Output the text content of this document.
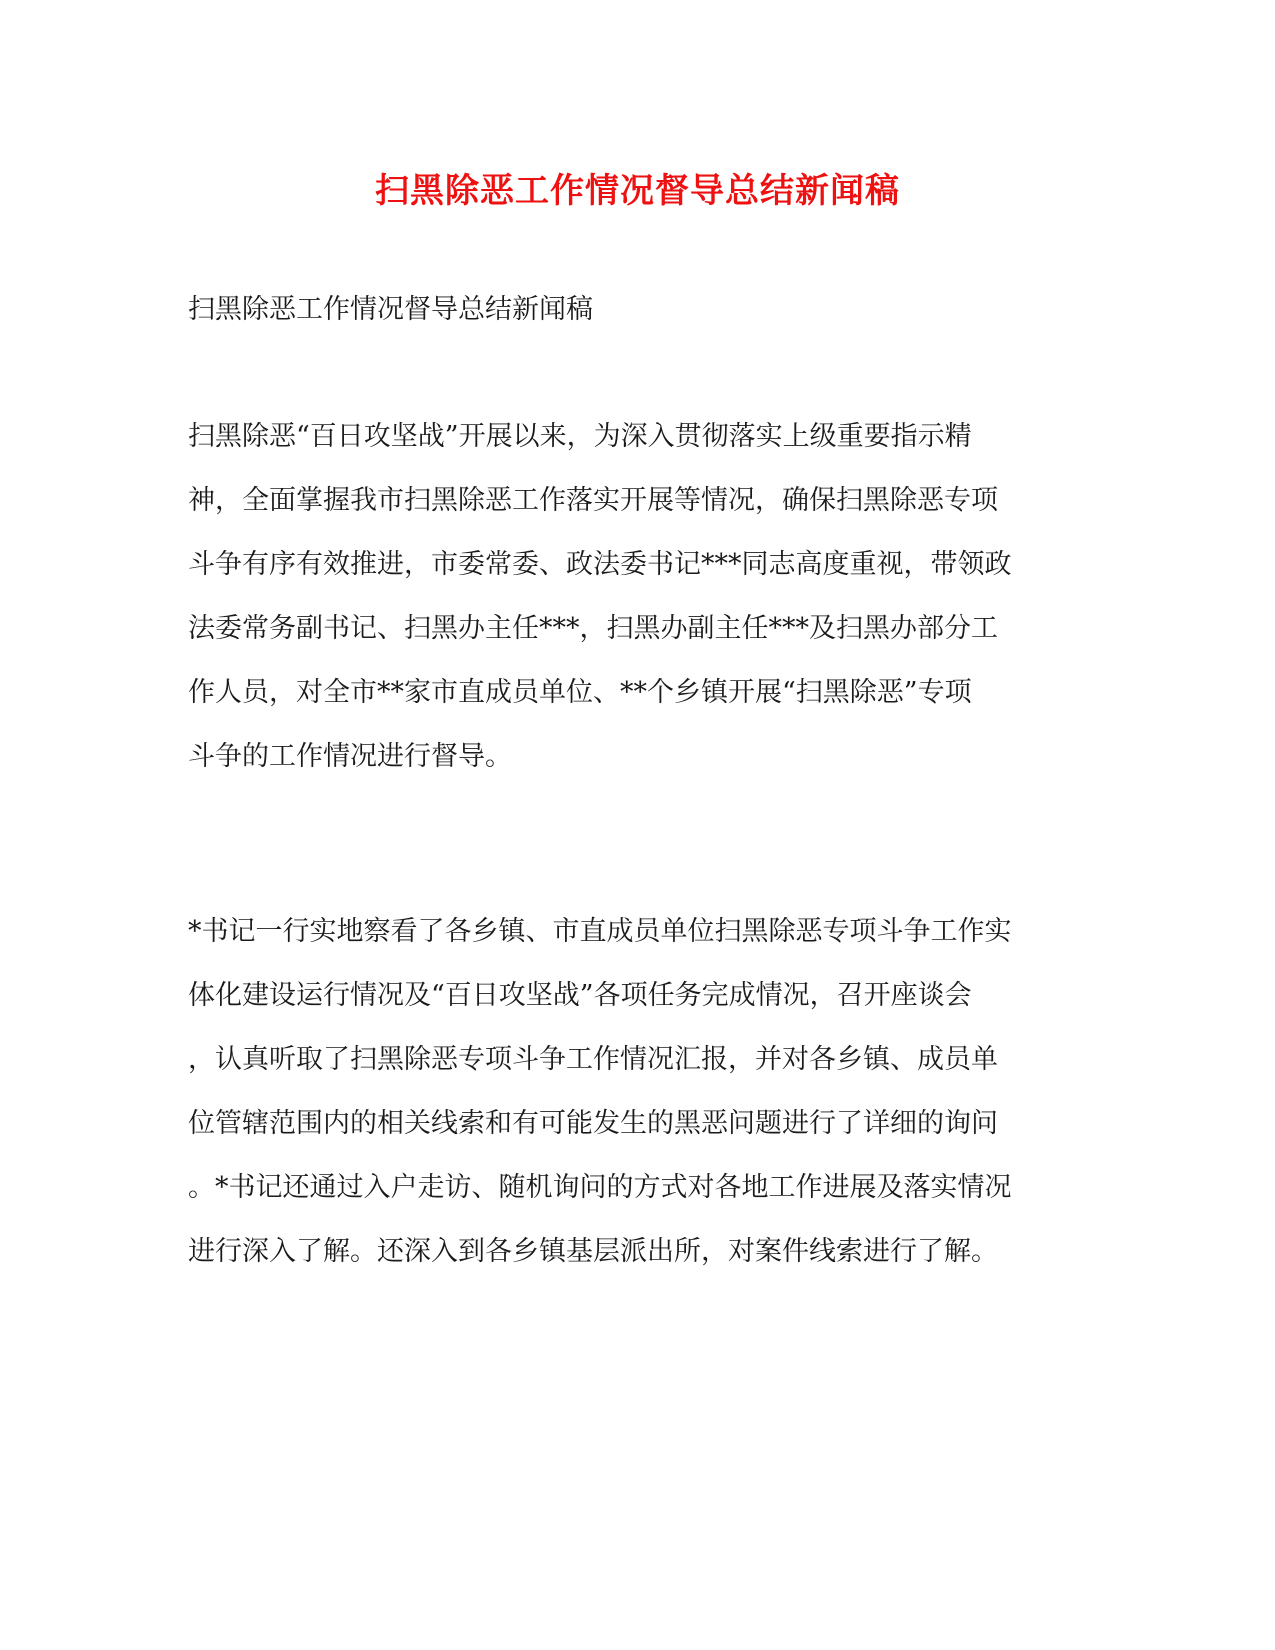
扫黑除恶工作情况督导总结新闻稿
扫黑除恶工作情况督导总结新闻稿

扫黑除恶“百日攻坚战”开展以来，为深入贯彻落实上级重要指示精
神，全面掌握我市扫黑除恶工作落实开展等情况，确保扫黑除恶专项
斗争有序有效推进，市委常委、政法委书记***同志高度重视，带领政
法委常务副书记、扫黑办主任***，扫黑办副主任***及扫黑办部分工
作人员，对全市**家市直成员单位、**个乡镇开展“扫黑除恶”专项
斗争的工作情况进行督导。

*书记一行实地察看了各乡镇、市直成员单位扫黑除恶专项斗争工作实
体化建设运行情况及“百日攻坚战”各项任务完成情况，召开座谈会
，认真听取了扫黑除恶专项斗争工作情况汇报，并对各乡镇、成员单
位管辖范围内的相关线索和有可能发生的黑恶问题进行了详细的询问
。*书记还通过入户走访、随机询问的方式对各地工作进展及落实情况
进行深入了解。还深入到各乡镇基层派出所，对案件线索进行了解。
